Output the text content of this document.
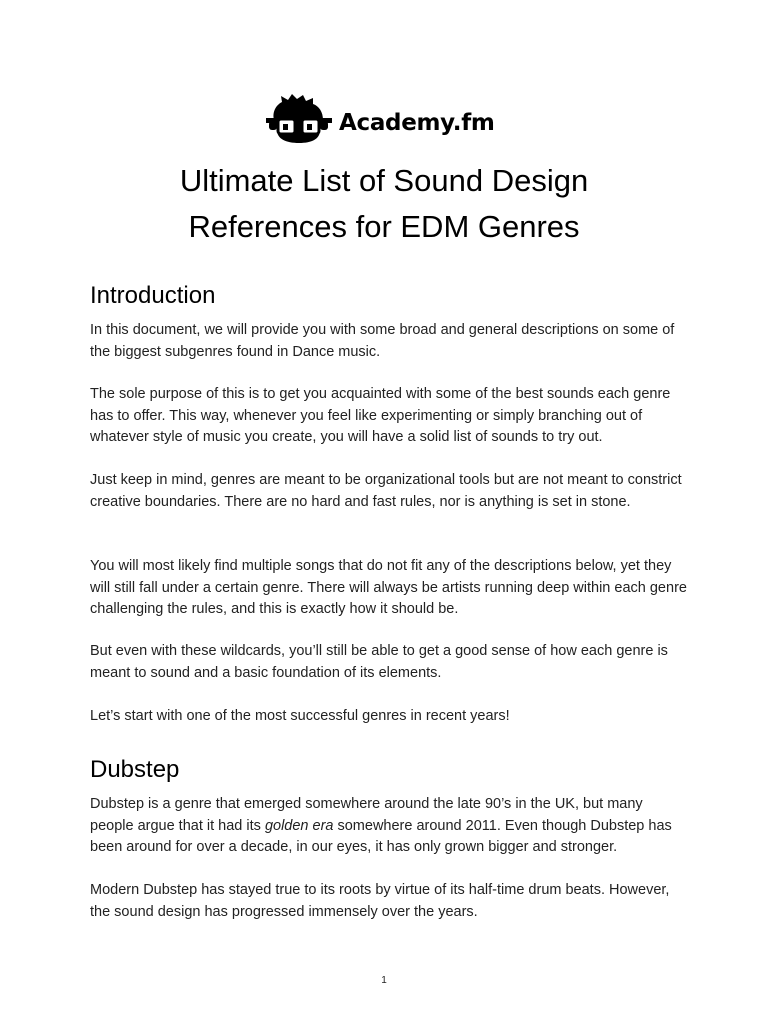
Academy.fm
Ultimate List of Sound Design
References for EDM Genres
Introduction

In this document, we will provide you with some broad and general descriptions on some of the biggest subgenres found in Dance music.

The sole purpose of this is to get you acquainted with some of the best sounds each genre has to offer. This way, whenever you feel like experimenting or simply branching out of whatever style of music you create, you will have a solid list of sounds to try out.

Just keep in mind, genres are meant to be organizational tools but are not meant to constrict creative boundaries. There are no hard and fast rules, nor is anything is set in stone.

You will most likely find multiple songs that do not fit any of the descriptions below, yet they will still fall under a certain genre. There will always be artists running deep within each genre challenging the rules, and this is exactly how it should be.

But even with these wildcards, you’ll still be able to get a good sense of how each genre is meant to sound and a basic foundation of its elements.

Let’s start with one of the most successful genres in recent years!

Dubstep

Dubstep is a genre that emerged somewhere around the late 90’s in the UK, but many people argue that it had its golden era somewhere around 2011. Even though Dubstep has been around for over a decade, in our eyes, it has only grown bigger and stronger.

Modern Dubstep has stayed true to its roots by virtue of its half-time drum beats. However, the sound design has progressed immensely over the years.

1
